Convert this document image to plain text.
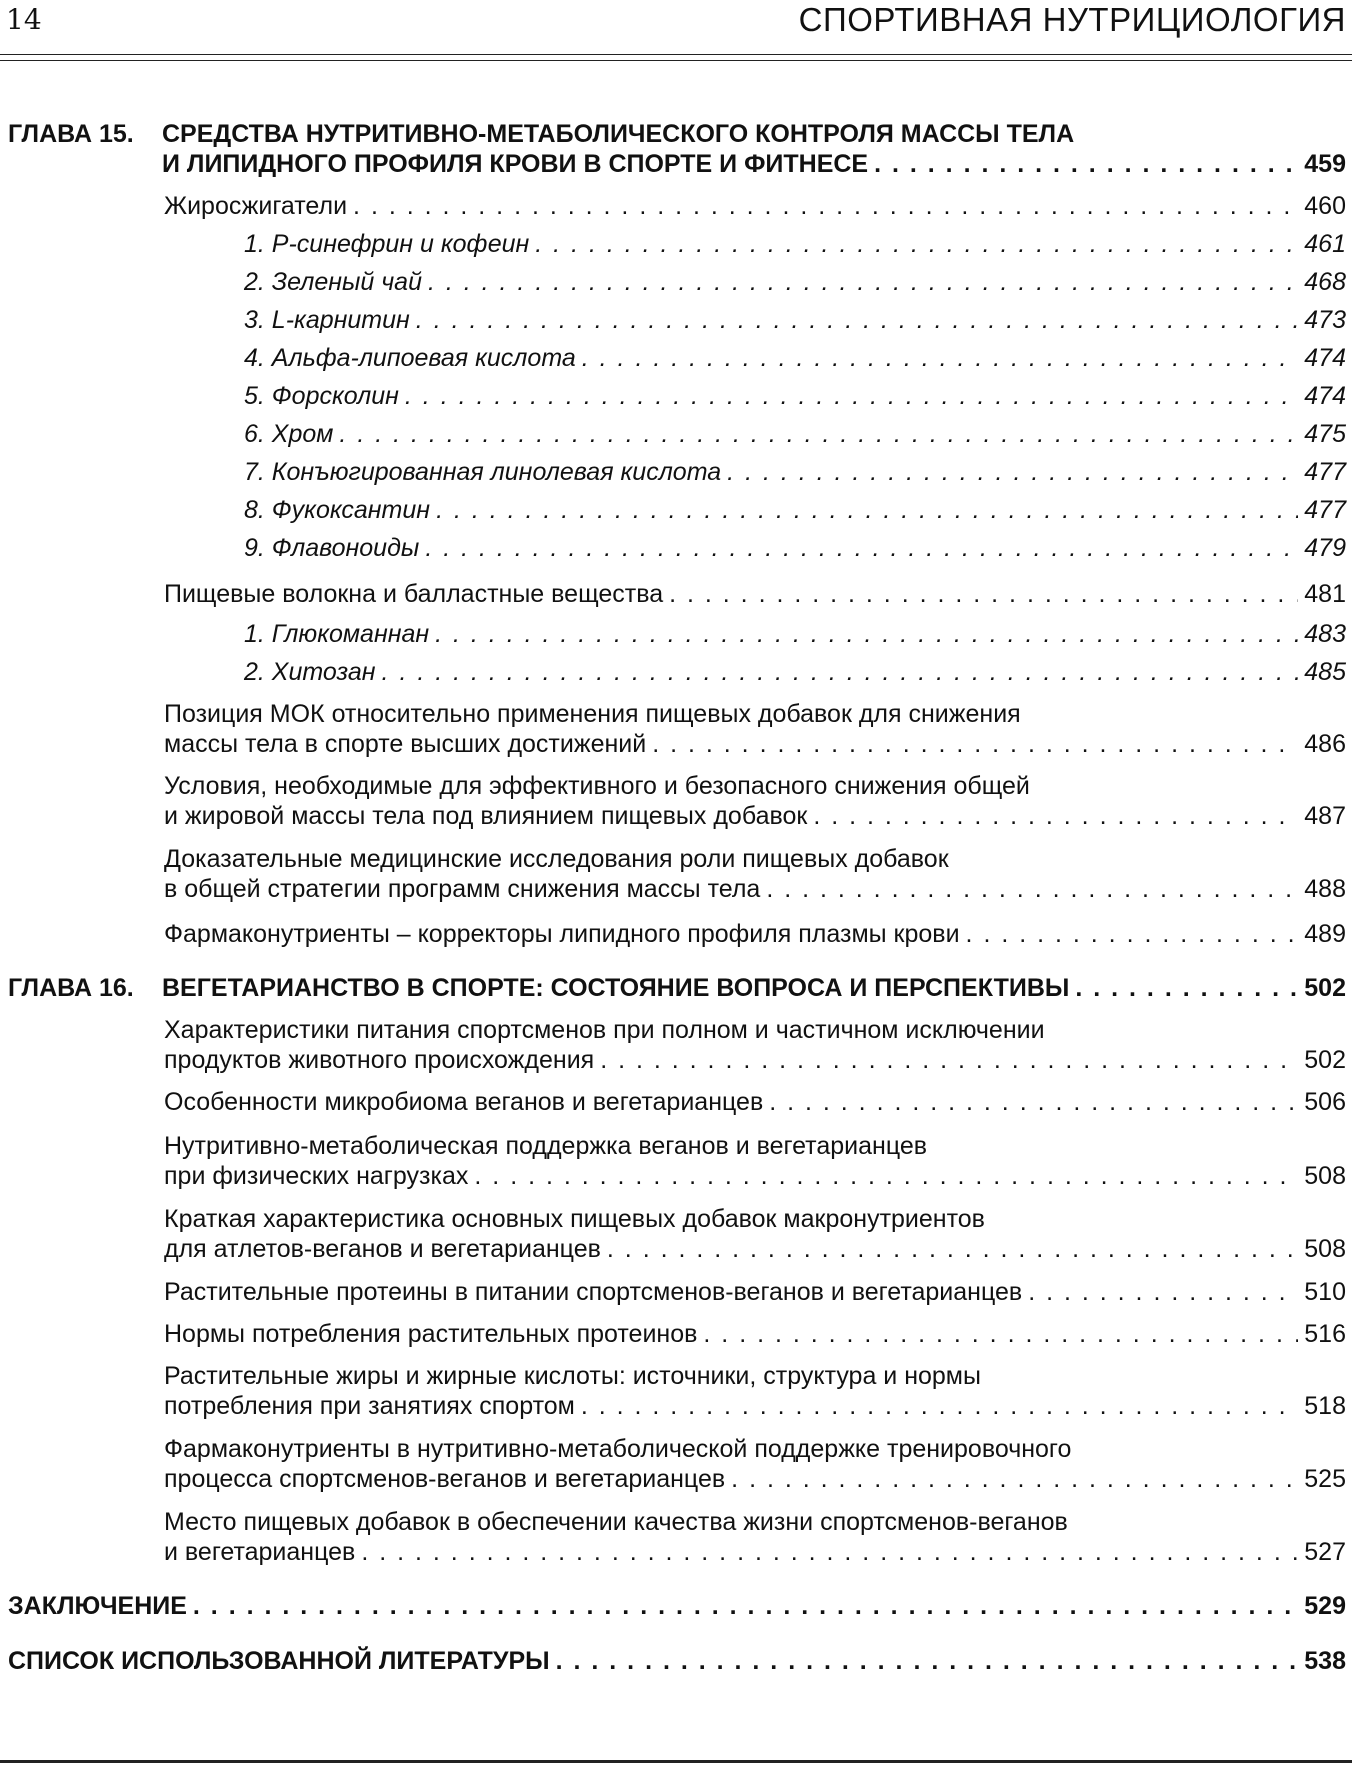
14	СПОРТИВНАЯ НУТРИЦИОЛОГИЯ
ГЛАВА 15. СРЕДСТВА НУТРИТИВНО-МЕТАБОЛИЧЕСКОГО КОНТРОЛЯ МАССЫ ТЕЛА
И ЛИПИДНОГО ПРОФИЛЯ КРОВИ В СПОРТЕ И ФИТНЕСЕ . . .	459
Жиросжигатели . . .	460
1. P-синефрин и кофеин . . .	461
2. Зеленый чай . . .	468
3. L-карнитин . . .	473
4. Альфа-липоевая кислота . . .	474
5. Форсколин . . .	474
6. Хром . . .	475
7. Конъюгированная линолевая кислота . . .	477
8. Фукоксантин . . .	477
9. Флавоноиды . . .	479
Пищевые волокна и балластные вещества . . .	481
1. Глюкоманнан . . .	483
2. Хитозан . . .	485
Позиция МОК относительно применения пищевых добавок для снижения
массы тела в спорте высших достижений . . .	486
Условия, необходимые для эффективного и безопасного снижения общей
и жировой массы тела под влиянием пищевых добавок . . .	487
Доказательные медицинские исследования роли пищевых добавок
в общей стратегии программ снижения массы тела . . .	488
Фармаконутриенты – корректоры липидного профиля плазмы крови . . .	489
ГЛАВА 16. ВЕГЕТАРИАНСТВО В СПОРТЕ: СОСТОЯНИЕ ВОПРОСА И ПЕРСПЕКТИВЫ . . .	502
Характеристики питания спортсменов при полном и частичном исключении
продуктов животного происхождения . . .	502
Особенности микробиома веганов и вегетарианцев . . .	506
Нутритивно-метаболическая поддержка веганов и вегетарианцев
при физических нагрузках . . .	508
Краткая характеристика основных пищевых добавок макронутриентов
для атлетов-веганов и вегетарианцев . . .	508
Растительные протеины в питании спортсменов-веганов и вегетарианцев . . .	510
Нормы потребления растительных протеинов . . .	516
Растительные жиры и жирные кислоты: источники, структура и нормы
потребления при занятиях спортом . . .	518
Фармаконутриенты в нутритивно-метаболической поддержке тренировочного
процесса спортсменов-веганов и вегетарианцев . . .	525
Место пищевых добавок в обеспечении качества жизни спортсменов-веганов
и вегетарианцев . . .	527
ЗАКЛЮЧЕНИЕ . . .	529
СПИСОК ИСПОЛЬЗОВАННОЙ ЛИТЕРАТУРЫ . . .	538
